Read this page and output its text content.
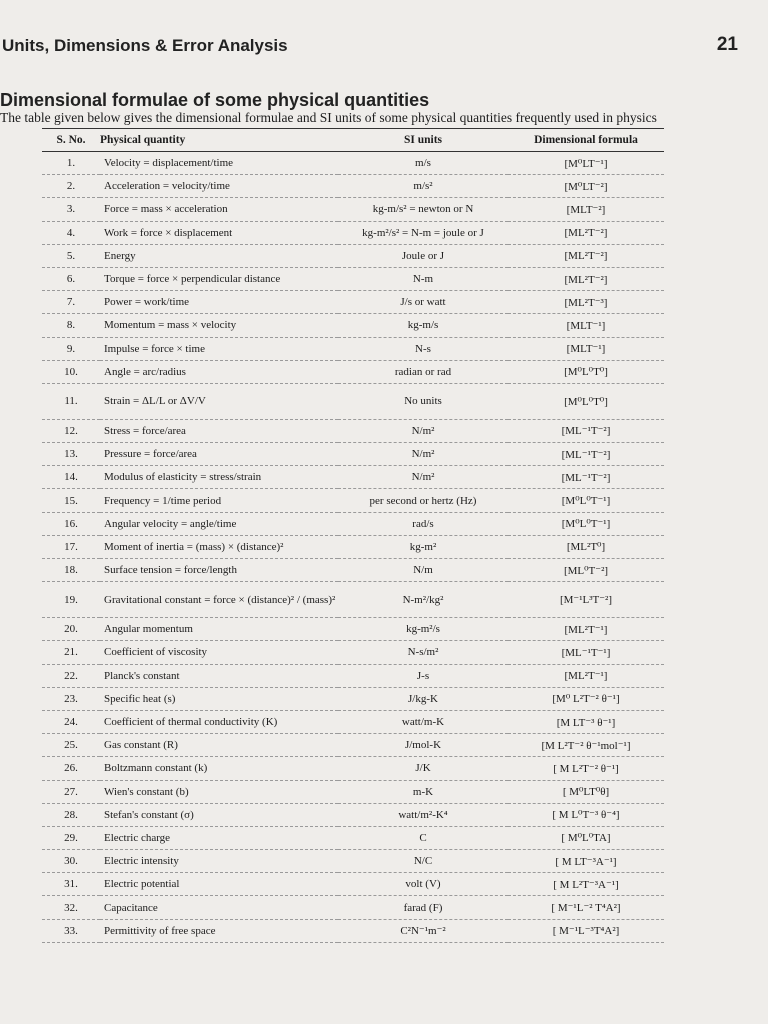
Units, Dimensions & Error Analysis	21
Dimensional formulae of some physical quantities
The table given below gives the dimensional formulae and SI units of some physical quantities frequently used in physics
S. No.	Physical quantity	SI units	Dimensional formula
1.	Velocity = displacement/time	m/s	[M⁰LT⁻¹]
2.	Acceleration = velocity/time	m/s²	[M⁰LT⁻²]
3.	Force = mass × acceleration	kg-m/s² = newton or N	[MLT⁻²]
4.	Work = force × displacement	kg-m²/s² = N-m = joule or J	[ML²T⁻²]
5.	Energy	Joule or J	[ML²T⁻²]
6.	Torque = force × perpendicular distance	N-m	[ML²T⁻²]
7.	Power = work/time	J/s or watt	[ML²T⁻³]
8.	Momentum = mass × velocity	kg-m/s	[MLT⁻¹]
9.	Impulse = force × time	N-s	[MLT⁻¹]
10.	Angle = arc/radius	radian or rad	[M⁰L⁰T⁰]
11.	Strain = ΔL/L or ΔV/V	No units	[M⁰L⁰T⁰]
12.	Stress = force/area	N/m²	[ML⁻¹T⁻²]
13.	Pressure = force/area	N/m²	[ML⁻¹T⁻²]
14.	Modulus of elasticity = stress/strain	N/m²	[ML⁻¹T⁻²]
15.	Frequency = 1/time period	per second or hertz (Hz)	[M⁰L⁰T⁻¹]
16.	Angular velocity = angle/time	rad/s	[M⁰L⁰T⁻¹]
17.	Moment of inertia = (mass) × (distance)²	kg-m²	[ML²T⁰]
18.	Surface tension = force/length	N/m	[ML⁰T⁻²]
19.	Gravitational constant = force × (distance)² / (mass)²	N-m²/kg²	[M⁻¹L³T⁻²]
20.	Angular momentum	kg-m²/s	[ML²T⁻¹]
21.	Coefficient of viscosity	N-s/m²	[ML⁻¹T⁻¹]
22.	Planck's constant	J-s	[ML²T⁻¹]
23.	Specific heat (s)	J/kg-K	[M⁰ L²T⁻² θ⁻¹]
24.	Coefficient of thermal conductivity (K)	watt/m-K	[M LT⁻³ θ⁻¹]
25.	Gas constant (R)	J/mol-K	[M L²T⁻² θ⁻¹mol⁻¹]
26.	Boltzmann constant (k)	J/K	[ M L²T⁻² θ⁻¹]
27.	Wien's constant (b)	m-K	[ M⁰LT⁰θ]
28.	Stefan's constant (σ)	watt/m²-K⁴	[ M L⁰T⁻³ θ⁻⁴]
29.	Electric charge	C	[ M⁰L⁰TA]
30.	Electric intensity	N/C	[ M LT⁻³A⁻¹]
31.	Electric potential	volt (V)	[ M L²T⁻³A⁻¹]
32.	Capacitance	farad (F)	[ M⁻¹L⁻² T⁴A²]
33.	Permittivity of free space	C²N⁻¹m⁻²	[ M⁻¹L⁻³T⁴A²]
